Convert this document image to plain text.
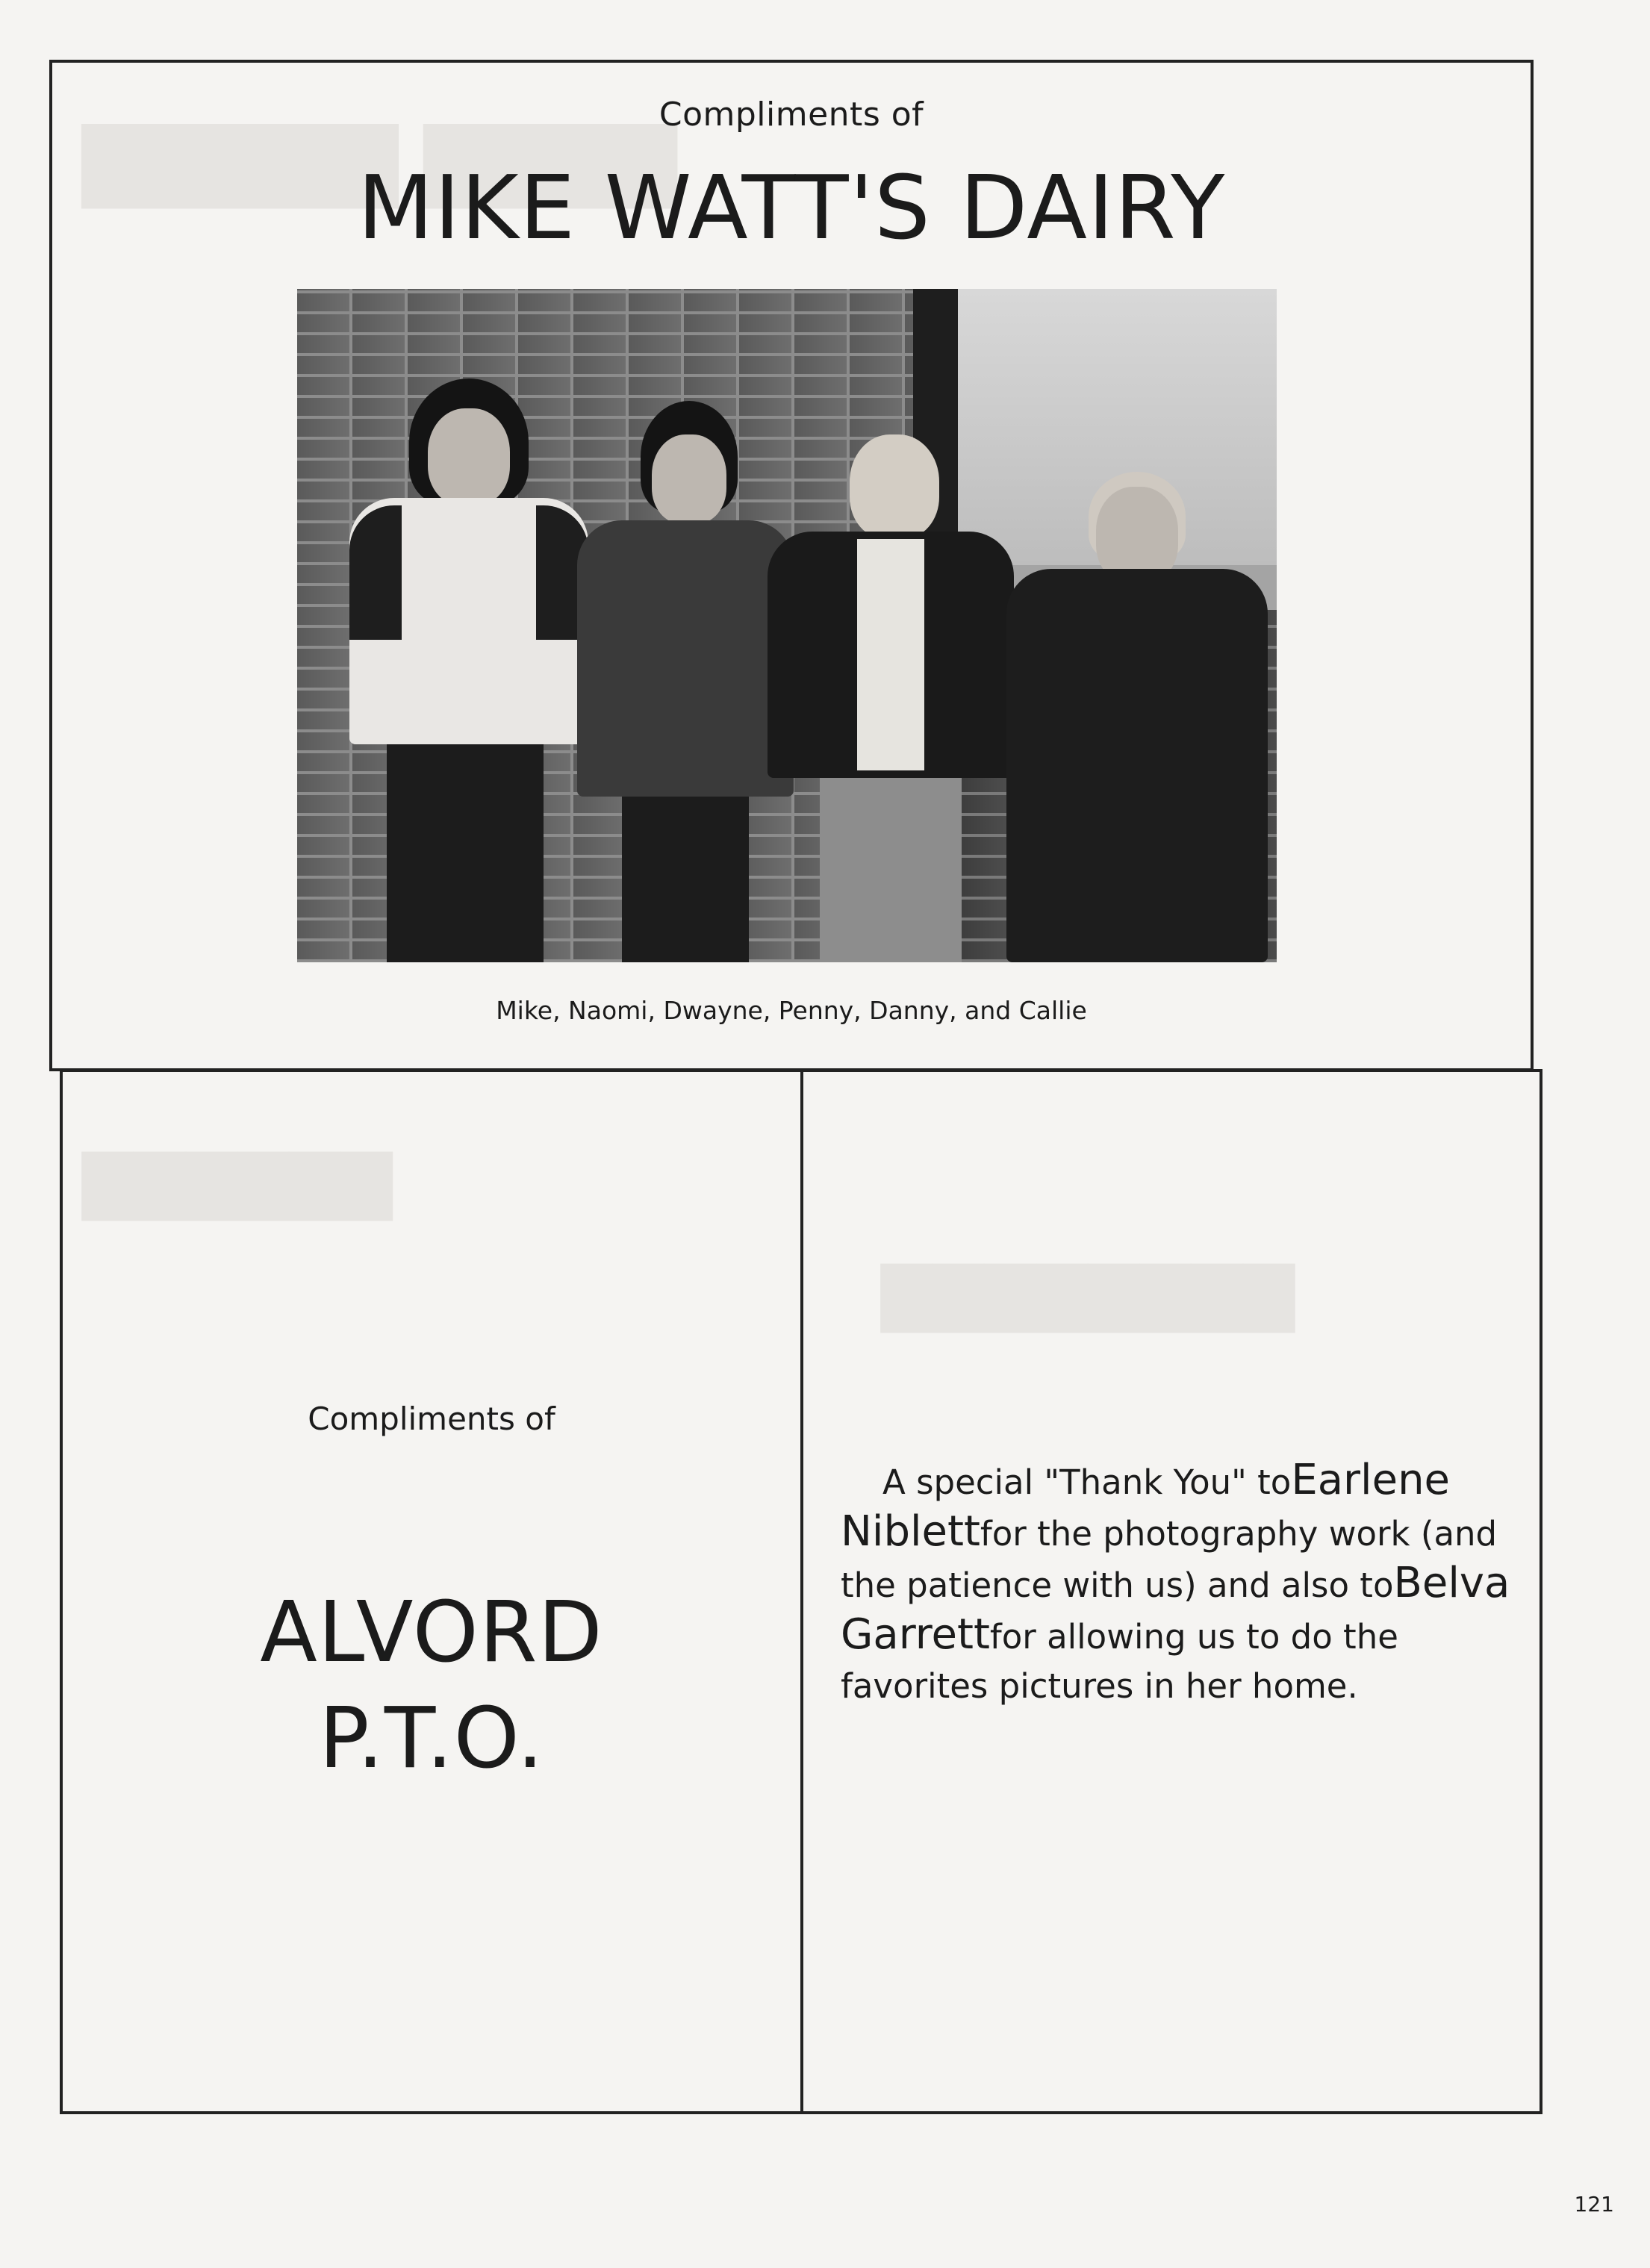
▇▇▇▇ ▇▇▇▇▇
▇▇▇▇▇▇
▇▇▇▇▇▇▇▇
Compliments of
MIKE WATT'S DAIRY
Mike, Naomi, Dwayne, Penny, Danny, and Callie
Compliments of
ALVORD
P.T.O.
A special "Thank You" toEarlene Niblettfor the photography work (and the patience with us) and also toBelva Garrettfor allowing us to do the favorites pictures in her home.
121
